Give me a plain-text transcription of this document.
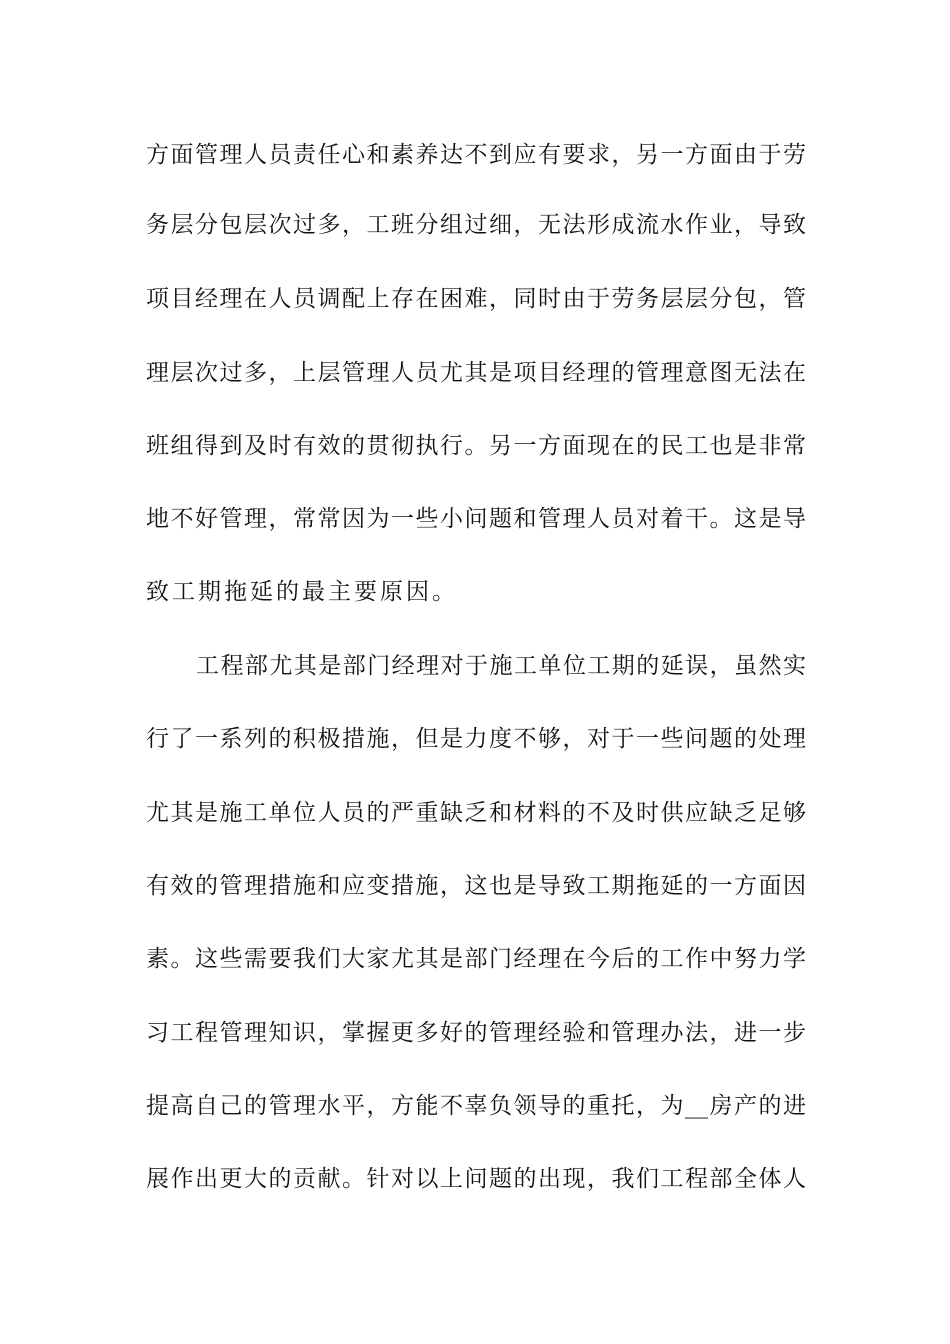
方面管理人员责任心和素养达不到应有要求，另一方面由于劳
务层分包层次过多，工班分组过细，无法形成流水作业，导致
项目经理在人员调配上存在困难，同时由于劳务层层分包，管
理层次过多，上层管理人员尤其是项目经理的管理意图无法在
班组得到及时有效的贯彻执行。另一方面现在的民工也是非常
地不好管理，常常因为一些小问题和管理人员对着干。这是导
致工期拖延的最主要原因。
工程部尤其是部门经理对于施工单位工期的延误，虽然实
行了一系列的积极措施，但是力度不够，对于一些问题的处理
尤其是施工单位人员的严重缺乏和材料的不及时供应缺乏足够
有效的管理措施和应变措施，这也是导致工期拖延的一方面因
素。这些需要我们大家尤其是部门经理在今后的工作中努力学
习工程管理知识，掌握更多好的管理经验和管理办法，进一步
提高自己的管理水平，方能不辜负领导的重托，为__房产的进
展作出更大的贡献。针对以上问题的出现，我们工程部全体人
